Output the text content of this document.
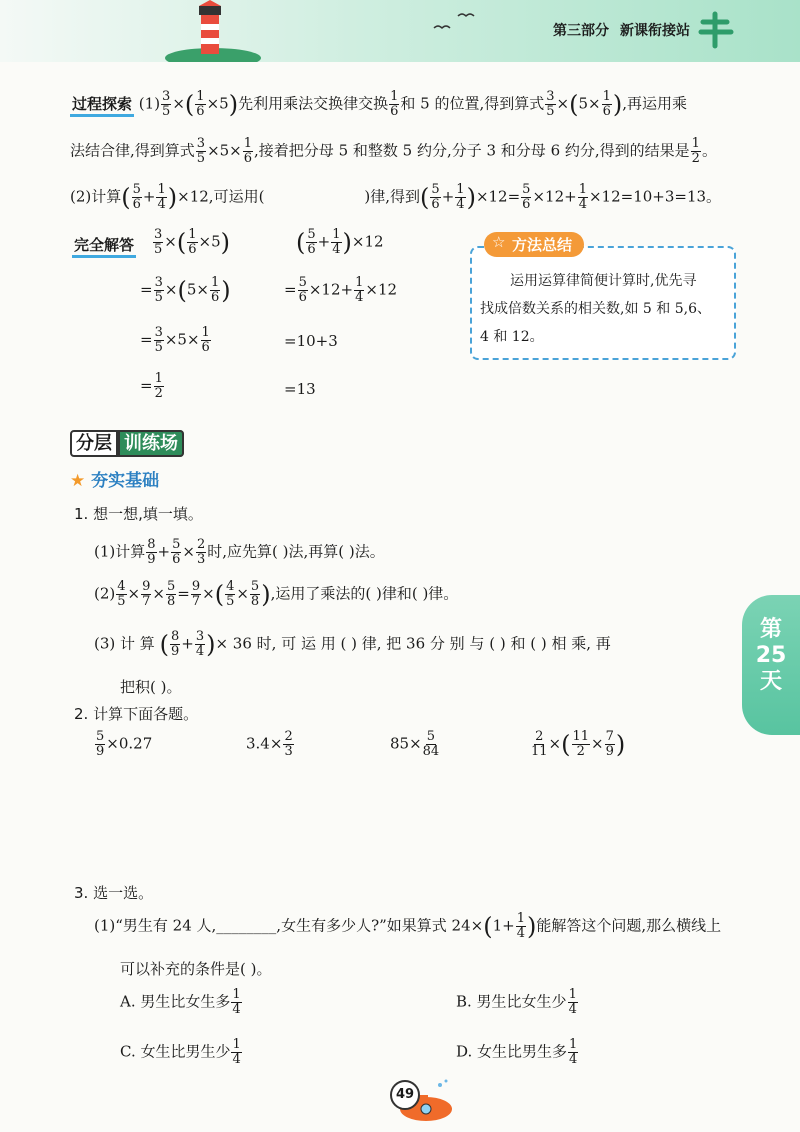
第三部分 新课衔接站
过程探索 $(1) \frac{3}{5}$ ×( $\frac{1}{6} \times 5$)先利用乘法交换律交换 $\frac{1}{6}$ 和 5 的位置,得到算式 $\frac{3}{5} \times(5\times \frac{1}{6}$ ),再运用乘
法结合律,得到算式 $\frac{3}{5} \times 5\times \frac{1}{6}$ ,接着把分母 5 和整数 5 约分,分子 3 和分母 6 约分,得到的结果是 $\frac{1}{2}$ 。
(2)计算( $\frac{5}{6} + \frac{1}{4} )\times 12$,可运用(	)律,得到( $\frac{5}{6} + \frac{1}{4} )\times 12= \frac{5}{6} \times 12+ \frac{1}{4} \times 12=10+3=13$。
完全解答 $\frac{3}{5}$ ×( $\frac{1}{6} \times 5$)
= $\frac{3}{5} \times(5\times \frac{1}{6}$ )
= $\frac{3}{5} \times 5\times \frac{1}{6}$
= $\frac{1}{2}$
( $\frac{5}{6} + \frac{1}{4} )\times 12$
= $\frac{5}{6} \times 12+ \frac{1}{4} \times 12$
=10+3
=13
☆ 方法总结
运用运算律简便计算时,优先寻
找成倍数关系的相关数,如 5 和 5,6、
4 和 12。
分层 训练场
★ 夯实基础
1. 想一想,填一填。
(1)计算 $\frac{8}{9} + \frac{5}{6} \times \frac{2}{3}$ 时,应先算( )法,再算( )法。
$(2) \frac{4}{5} \times \frac{9}{7} \times \frac{5}{8} = \frac{9}{7}$ ×( $\frac{4}{5} \times \frac{5}{8}$ ),运用了乘法的( )律和( )律。
(3) 计 算 ( $\frac{8}{9} + \frac{3}{4}$ )× 36 时, 可 运 用 ( ) 律, 把 36 分 别 与 ( ) 和 ( ) 相 乘, 再
把积( )。
2. 计算下面各题。
$\frac{5}{9} \times 0.27$	$3.4\times \frac{2}{3}$	$85\times \frac{5}{84}$	$\frac{2}{11}$ ×( $\frac{11}{2} \times \frac{7}{9}$ )
3. 选一选。
(1)“男生有 24 人,________,女生有多少人?”如果算式 $24\times(1+ \frac{1}{4}$ )能解答这个问题,那么横线上
可以补充的条件是( )。
A. 男生比女生多 $\frac{1}{4}$	B. 男生比女生少 $\frac{1}{4}$
C. 女生比男生少 $\frac{1}{4}$	D. 女生比男生多 $\frac{1}{4}$
第
25
天
49
